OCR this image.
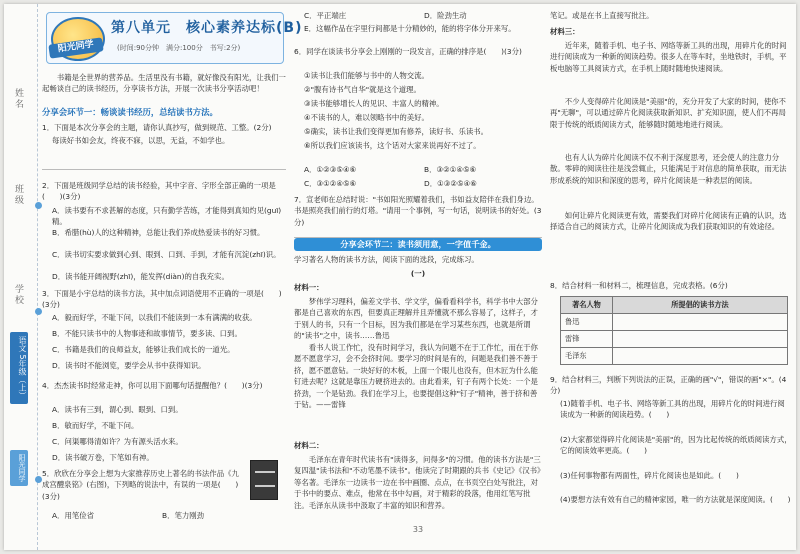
姓名
班级
学校
语文 5年级（上）
阳光同学
阳光同学
第八单元　核心素养达标(B)
(时间:90分钟　满分:100分　书写:2分)
书籍是全世界的营养品。生活里没有书籍，就好像没有阳光，让我们一起畅谈自己的读书经历，分享读书方法，开展一次读书分享活动吧！
分享会环节一：畅谈读书经历，总结读书方法。
1．下面是本次分享会的主题，请你认真抄写，做到规范、工整。(2分)
每读好书如会友，终夜不寐，以思，无益，不如学也。
2．下面是班级同学总结的读书经验，其中字音、字形全部正确的一项是(　　)(3分)
A．读书要有不求甚解的态度，只有勤学苦练，才能得到真知灼见(guī)精。
B．希腊(hù)人的这种精神，总能让我们养成热爱读书的好习惯。
C．读书切实要求做到心到、眼到、口到、手到，才能有沉淀(zhī)识。
D．读书能开阔视野(zhī)，能发挥(diàn)的自我充实。
3．下面是小宇总结的读书方法，其中加点词语使用不正确的一项是(　　)(3分)
A．毅而好学，不耻下问，以我们不能读到一本有满满的收获。
B．不能只读书中的人物事迹和故事情节，要多读、口到。
C．书籍是我们的良师益友，能够让我们成长的一道光。
D．读书时不能浏览，要学会从书中获得知识。
4．杰杰读书时经常走神，你可以用下面哪句话提醒他？(　　)(3分)
A．读书有三到，谓心到、眼到、口到。
B．敏而好学，不耻下问。
C．问渠哪得清如许？为有源头活水来。
D．读书破万卷，下笔如有神。
5．欣欣在分享会上想为大家推荐历史上著名的书法作品《九成宫醴泉铭》(右图)，下列略的说法中，有误的一项是(　　)(3分)
A．用笔俭省	B．笔力刚劲
C．平正端庄	D．险劲生动
E．这幅作品在字里行间都是十分精妙的，能的将字体分开来写。
6．同学在谈读书分享会上刚刚的一段发言，正确的排序是(　　)(3分)
①读书让我们能够与书中的人物交流。
②"腹有诗书气自华"就是这个道理。
③读书能够增长人的见识、丰富人的精神。
④不读书的人，难以领略书中的美好。
⑤确实，读书让我们变得更加有修养，读好书、乐读书。
⑥所以我们应该读书，这个话对大家来说再好不过了。
A．①②③⑤④⑥	B．③②①④⑤⑥
C．③①②④⑤⑥	D．①③②⑤④⑥
7．宣老师在总结时说："书如阳光照耀着我们，书如益友陪伴在我们身边。书是照亮我们前行的灯塔。"请用一个事例，写一句话，说明读书的好处。(3分)
分享会环节二：读书须用意，一字值千金。
学习著名人物的读书方法，阅读下面的选段，完成练习。
(一)
材料一：
梦伟学习理科，偏差文学书、学文学，偏看看科学书，科学书中大部分都是自己喜欢的东西，但要真正理解并且弄懂就不那么容易了，这样子，才于别人的书，只有一个目标，因为我们都是在学习某些东西，也就是所谓的"读书"之中，读书……鲁迅
看书人说工作忙，没有时间学习，我认为问题不在于工作忙，而在于你愿不愿意学习，会不会挤时间。要学习的时间是有的，问题是我们善不善于挤，愿不愿意钻。一块好好的木板，上面一个眼儿也没有，但木匠为什么能钉进去呢？这就是靠压力硬挤进去的。由此看来，钉子有两个长处：一个是挤劲，一个是钻劲。我们在学习上，也要提倡这种"钉子"精神，善于挤和善于钻。——雷锋
材料二：
毛泽东在青年时代读书有"读得多，问得多"的习惯。他的读书方法是"三复四温"读书法和"不动笔墨不读书"。他读完了时期跟的兵书《史记》《汉书》等名著。毛泽东一边读书一边在书中画圈、点点，在书页空白处写批注，对于书中的要点、难点，他常在书中勾画，对于精彩的段落，他用红笔写批注。毛泽东从读书中汲取了丰富的知识和营养。
33
笔记。或是在书上直接写批注。
材料三：
近年来，随着手机、电子书、网络等新工具的出现，用碎片化的时间进行阅读成为一种新的阅读趋势。很多人在等车时，坐地铁时，手机，平板电脑等工具阅读方式，在手机上随时随地快速阅读。
不少人变得碎片化阅读是"美丽"的，充分开发了大家的时间，使你不再"无聊"，可以通过碎片化阅读获取新知识、扩充知识面，使人们不再局限于传统的纸质阅读方式，能够随时随地地进行阅读。
也有人认为碎片化阅读不仅不利于深度思考，还会使人的注意力分散。零碎的阅读往往是浅尝辄止，只能满足于对信息的简单获取，而无法形成系统的知识和深度的思考，碎片化阅读是一种表层的阅读。
如何让碎片化阅读更有效，需要我们对碎片化阅读有正确的认识，选择适合自己的阅读方式，让碎片化阅读成为我们获取知识的有效途径。
8．结合材料一和材料二，梳理信息，完成表格。(6分)
著名人物	所提倡的读书方法
鲁迅	
雷锋	
毛泽东	
9．结合材料三，判断下列说法的正误，正确的画"√"，错误的画"×"。(4分)
(1)随着手机、电子书、网络等新工具的出现，用碎片化的时间进行阅读成为一种新的阅读趋势。(　　)
(2)大家都觉得碎片化阅读是"美丽"的，因为比起传统的纸质阅读方式，它的阅读效率更高。(　　)
(3)任何事物都有两面性，碎片化阅读也是如此。(　　)
(4)要想方法有效有自己的精神家园，唯一的方法就是深度阅读。(　　)
